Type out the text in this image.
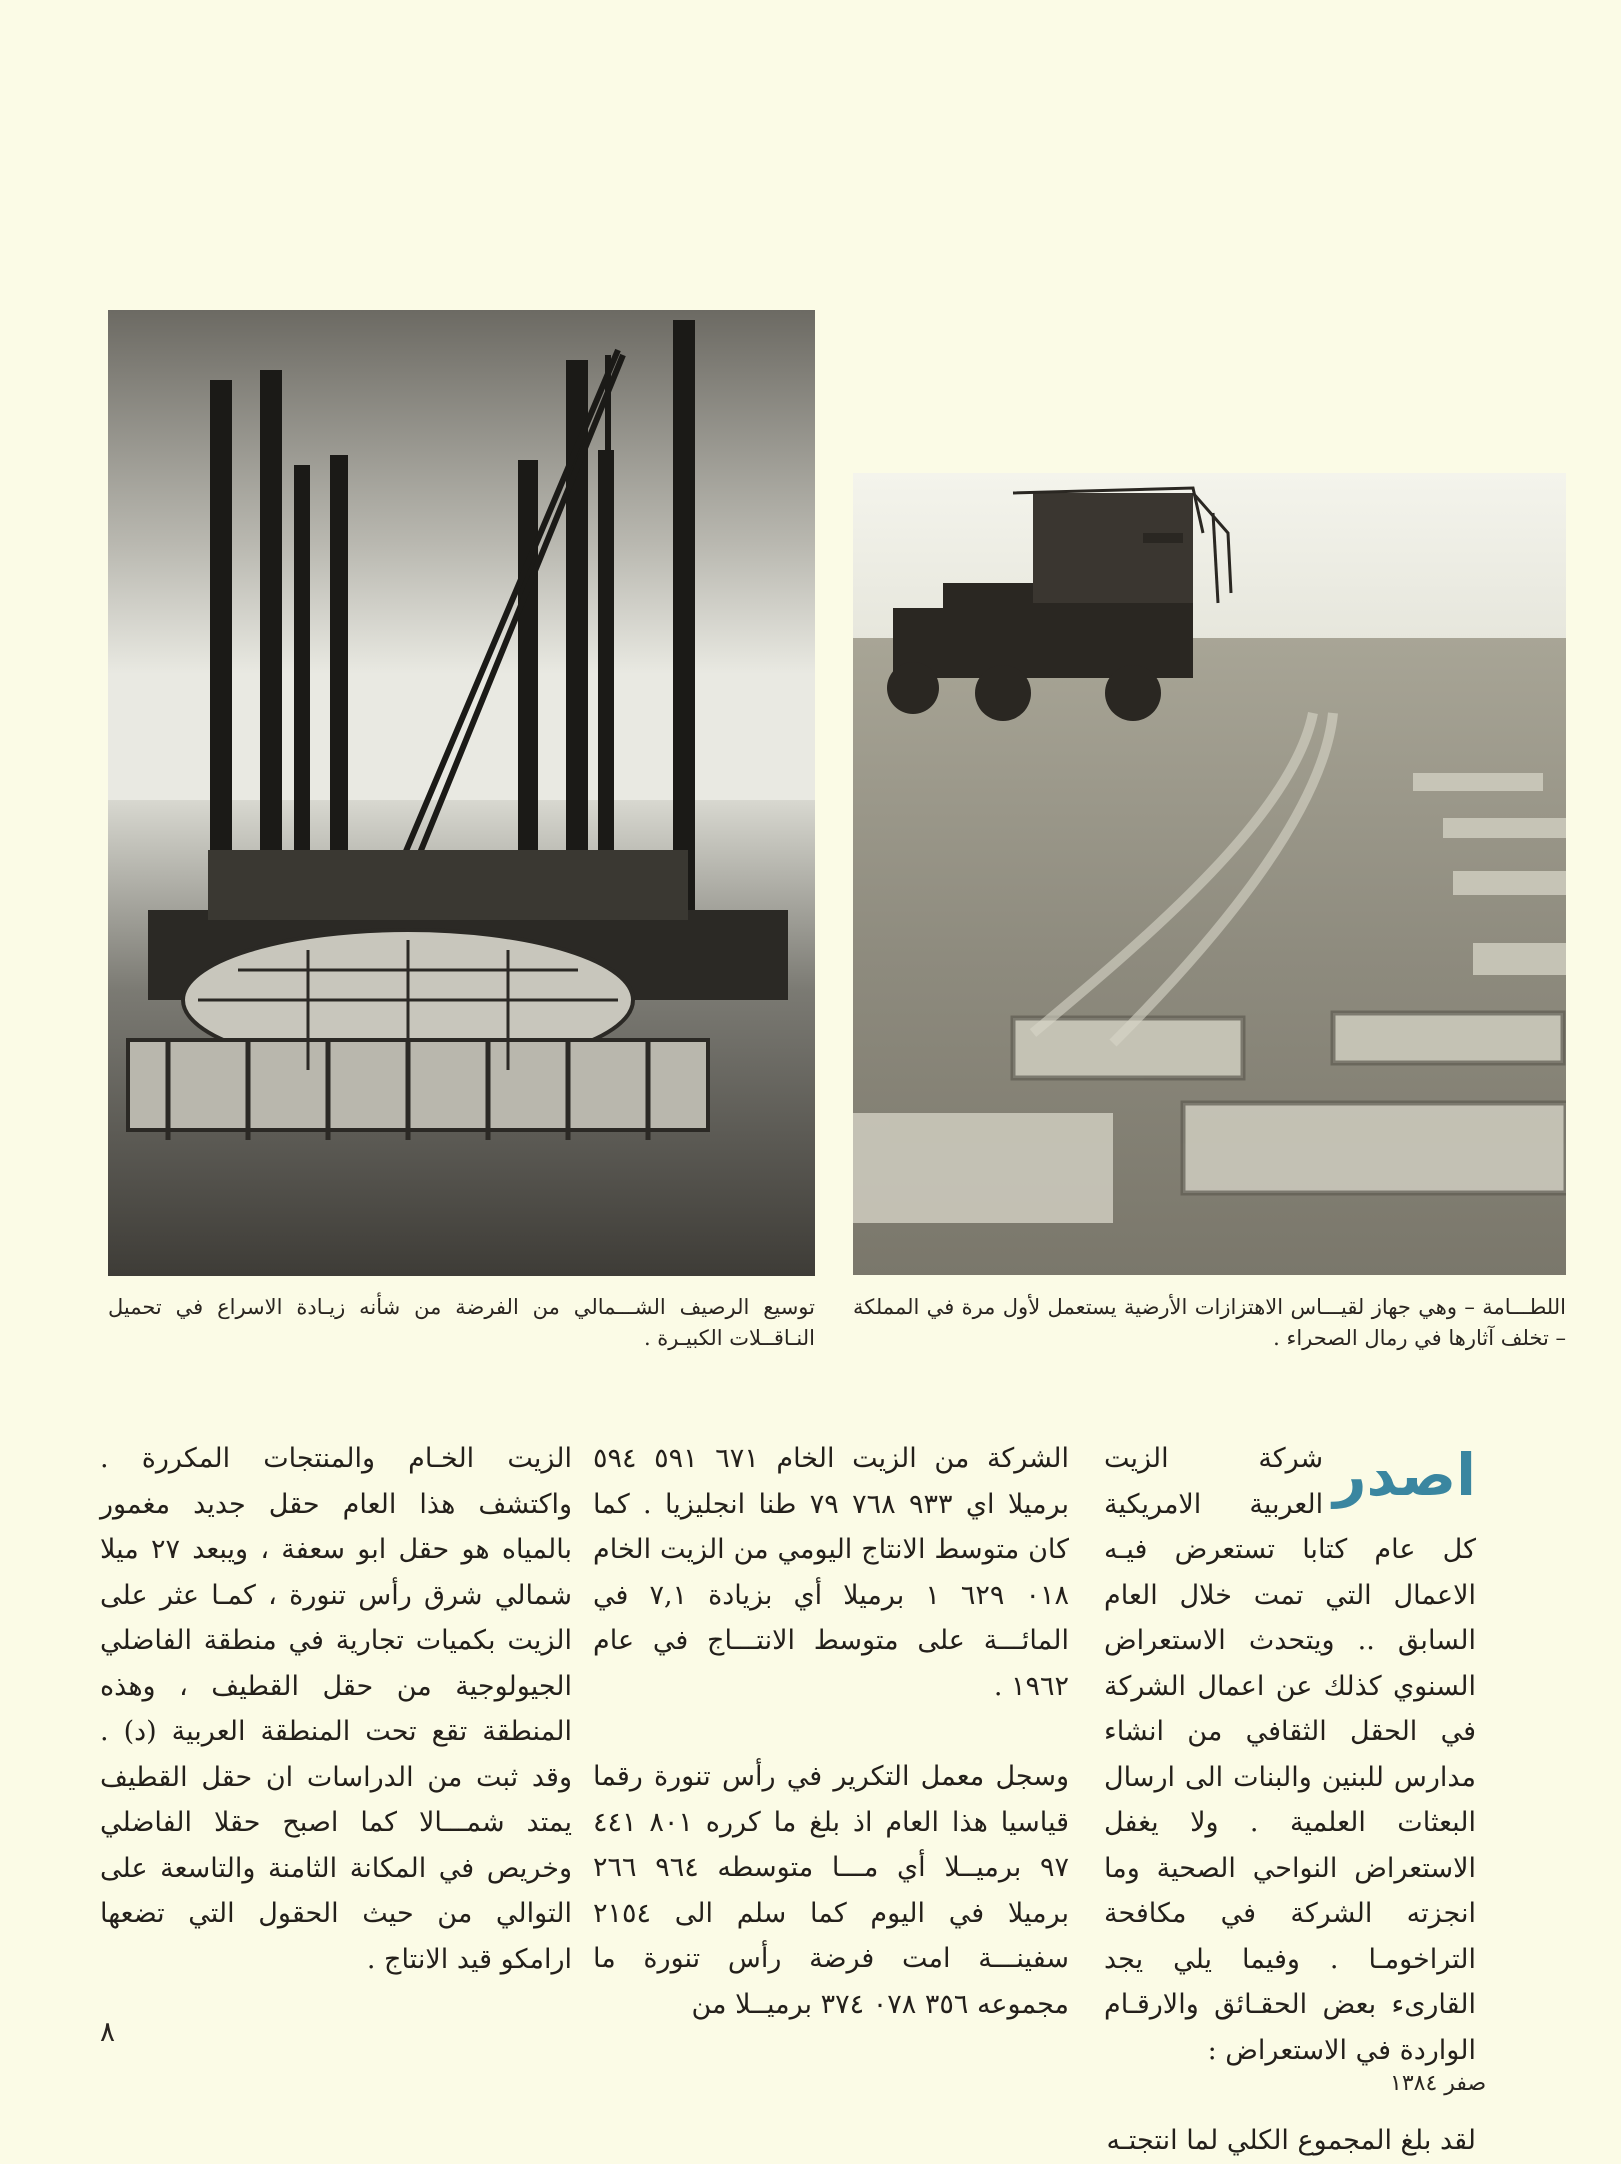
اللطـــامة – وهي جهاز لقيـــاس الاهتزازات الأرضية يستعمل لأول مرة في المملكة – تخلف آثارها في رمال الصحراء .
توسيع الرصيف الشـــمالي من الفرضة من شأنه زيـادة الاسراع في تحميل النـاقــلات الكبيـرة .

اصدر
شركة الزيت العربية الامريكية كل عام كتابا تستعرض فيـه الاعمال التي تمت خلال العام السابق .. ويتحدث الاستعراض السنوي كذلك عن اعمال الشركة في الحقل الثقافي من انشاء مدارس للبنين والبنات الى ارسال البعثات العلمية . ولا يغفل الاستعراض النواحي الصحية وما انجزته الشركة في مكافحة التراخومـا . وفيما يلي يجد القارىء بعض الحقـائق والارقـام الواردة في الاستعراض :

لقد بلغ المجموع الكلي لما انتجتـه

الشركة من الزيت الخام ٦٧١ ٥٩١ ٥٩٤ برميلا اي ٩٣٣ ٧٦٨ ٧٩ طنا انجليزيا . كما كان متوسط الانتاج اليومي من الزيت الخام ٠١٨ ٦٢٩ ١ برميلا أي بزيادة ٧,١ في المائـــة على متوسط الانتـــاج في عام ١٩٦٢ .

وسجل معمل التكرير في رأس تنورة رقما قياسيا هذا العام اذ بلغ ما كرره ٨٠١ ٤٤١ ٩٧ برميــلا أي مـــا متوسطه ٩٦٤ ٢٦٦ برميلا في اليوم كما سلم الى ٢١٥٤ سفينـــة امت فرضة رأس تنورة ما مجموعه ٣٥٦ ٠٧٨ ٣٧٤ برميــلا من

الزيت الخـام والمنتجات المكررة . واكتشف هذا العام حقل جديد مغمور بالمياه هو حقل ابو سعفة ، ويبعد ٢٧ ميلا شمالي شرق رأس تنورة ، كمـا عثر على الزيت بكميات تجارية في منطقة الفاضلي الجيولوجية من حقل القطيف ، وهذه المنطقة تقع تحت المنطقة العربية (د) . وقد ثبت من الدراسات ان حقل القطيف يمتد شمـــالا كما اصبح حقلا الفاضلي وخريص في المكانة الثامنة والتاسعة على التوالي من حيث الحقول التي تضعها ارامكو قيد الانتاج .

٨
صفر ١٣٨٤
